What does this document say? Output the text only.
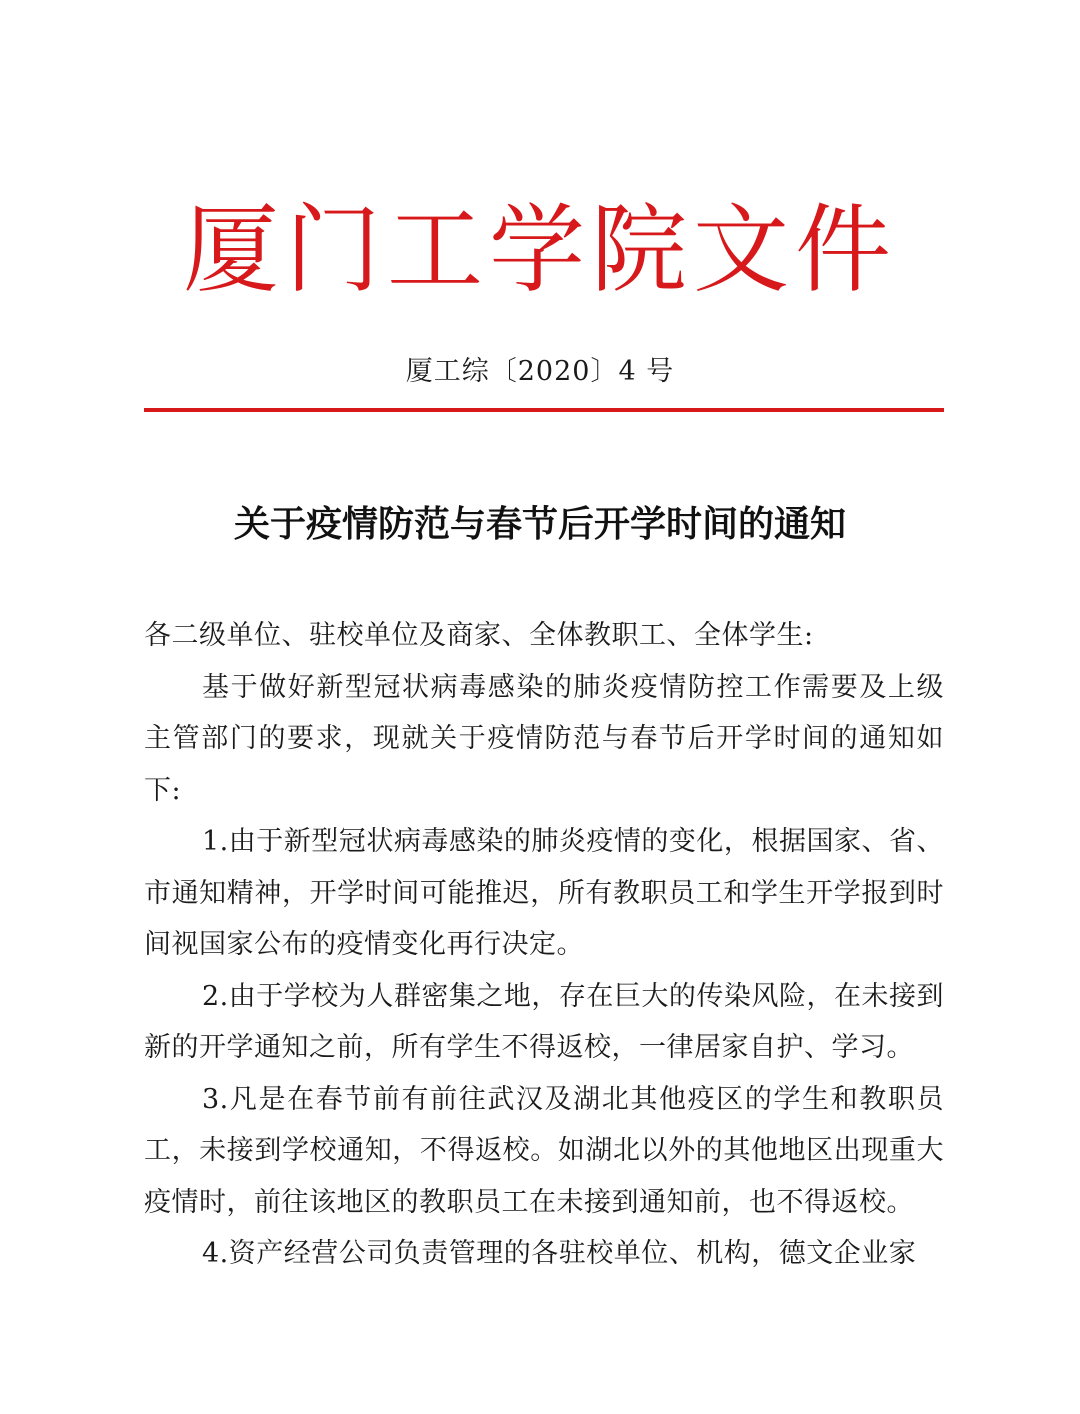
厦门工学院文件
厦工综〔2020〕4 号
关于疫情防范与春节后开学时间的通知

各二级单位、驻校单位及商家、全体教职工、全体学生:

基于做好新型冠状病毒感染的肺炎疫情防控工作需要及上级主管部门的要求，现就关于疫情防范与春节后开学时间的通知如下:

1.由于新型冠状病毒感染的肺炎疫情的变化，根据国家、省、市通知精神，开学时间可能推迟，所有教职员工和学生开学报到时间视国家公布的疫情变化再行决定。

2.由于学校为人群密集之地，存在巨大的传染风险，在未接到新的开学通知之前，所有学生不得返校，一律居家自护、学习。

3.凡是在春节前有前往武汉及湖北其他疫区的学生和教职员工，未接到学校通知，不得返校。如湖北以外的其他地区出现重大疫情时，前往该地区的教职员工在未接到通知前，也不得返校。

4.资产经营公司负责管理的各驻校单位、机构，德文企业家
